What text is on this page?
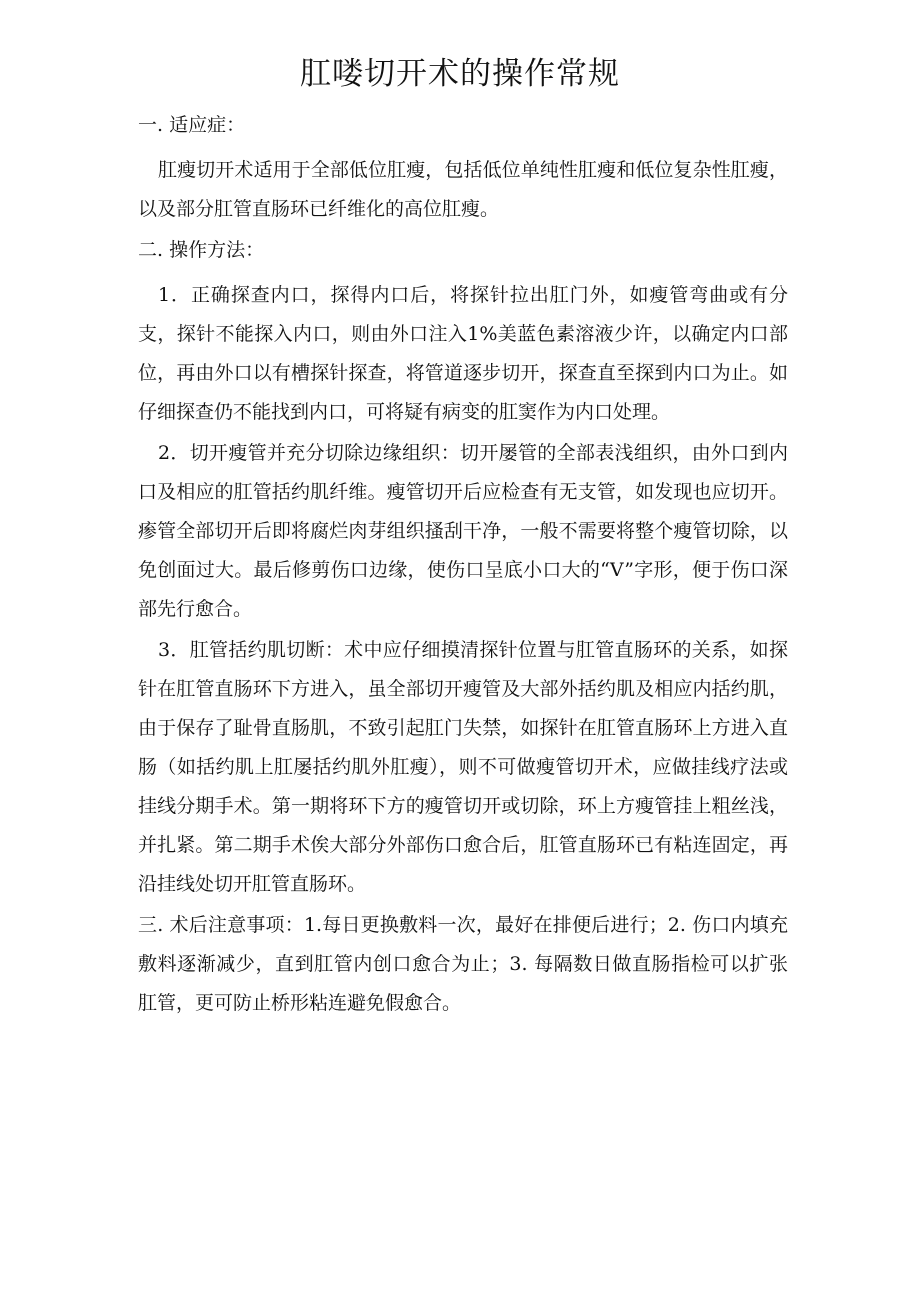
肛喽切开术的操作常规

一. 适应症：

肛瘦切开术适用于全部低位肛瘦，包括低位单纯性肛瘦和低位复杂性肛瘦，以及部分肛管直肠环已纤维化的高位肛瘦。

二. 操作方法：

1．正确探查内口，探得内口后，将探针拉出肛门外，如瘦管弯曲或有分支，探针不能探入内口，则由外口注入1%美蓝色素溶液少许，以确定内口部位，再由外口以有槽探针探查，将管道逐步切开，探查直至探到内口为止。如仔细探查仍不能找到内口，可将疑有病变的肛窦作为内口处理。

2．切开瘦管并充分切除边缘组织：切开屡管的全部表浅组织，由外口到内口及相应的肛管括约肌纤维。瘦管切开后应检查有无支管，如发现也应切开。瘆管全部切开后即将腐烂肉芽组织搔刮干净，一般不需要将整个瘦管切除，以免创面过大。最后修剪伤口边缘，使伤口呈底小口大的“V”字形，便于伤口深部先行愈合。

3．肛管括约肌切断：术中应仔细摸清探针位置与肛管直肠环的关系，如探针在肛管直肠环下方进入，虽全部切开瘦管及大部外括约肌及相应内括约肌，由于保存了耻骨直肠肌，不致引起肛门失禁，如探针在肛管直肠环上方进入直肠（如括约肌上肛屡括约肌外肛瘦），则不可做瘦管切开术，应做挂线疗法或挂线分期手术。第一期将环下方的瘦管切开或切除，环上方瘦管挂上粗丝浅，并扎紧。第二期手术俟大部分外部伤口愈合后，肛管直肠环已有粘连固定，再沿挂线处切开肛管直肠环。

三. 术后注意事项：1.每日更换敷料一次，最好在排便后进行；2. 伤口内填充敷料逐渐减少，直到肛管内创口愈合为止；3. 每隔数日做直肠指检可以扩张肛管，更可防止桥形粘连避免假愈合。
